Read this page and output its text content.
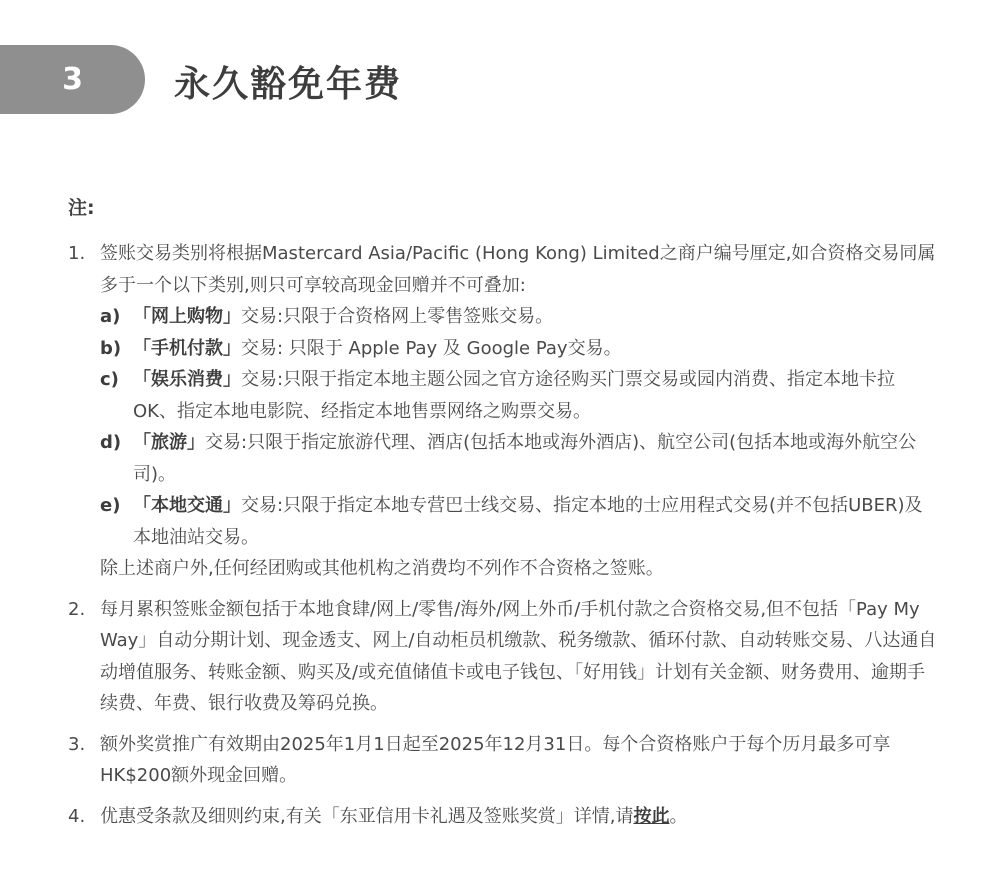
3	永久豁免年费
注:
1. 签账交易类别将根据Mastercard Asia/Pacific (Hong Kong) Limited之商户编号厘定,如合资格交易同属多于一个以下类别,则只可享较高现金回赠并不可叠加:
a) 「网上购物」交易:只限于合资格网上零售签账交易。
b) 「手机付款」交易: 只限于 Apple Pay 及 Google Pay交易。
c) 「娱乐消费」交易:只限于指定本地主题公园之官方途径购买门票交易或园内消费、指定本地卡拉OK、指定本地电影院、经指定本地售票网络之购票交易。
d) 「旅游」交易:只限于指定旅游代理、酒店(包括本地或海外酒店)、航空公司(包括本地或海外航空公司)。
e) 「本地交通」交易:只限于指定本地专营巴士线交易、指定本地的士应用程式交易(并不包括UBER)及本地油站交易。
除上述商户外,任何经团购或其他机构之消费均不列作不合资格之签账。
2. 每月累积签账金额包括于本地食肆/网上/零售/海外/网上外币/手机付款之合资格交易,但不包括「Pay My Way」自动分期计划、现金透支、网上/自动柜员机缴款、税务缴款、循环付款、自动转账交易、八达通自动增值服务、转账金额、购买及/或充值储值卡或电子钱包、「好用钱」计划有关金额、财务费用、逾期手续费、年费、银行收费及筹码兑换。
3. 额外奖赏推广有效期由2025年1月1日起至2025年12月31日。每个合资格账户于每个历月最多可享HK$200额外现金回赠。
4. 优惠受条款及细则约束,有关「东亚信用卡礼遇及签账奖赏」详情,请按此。
